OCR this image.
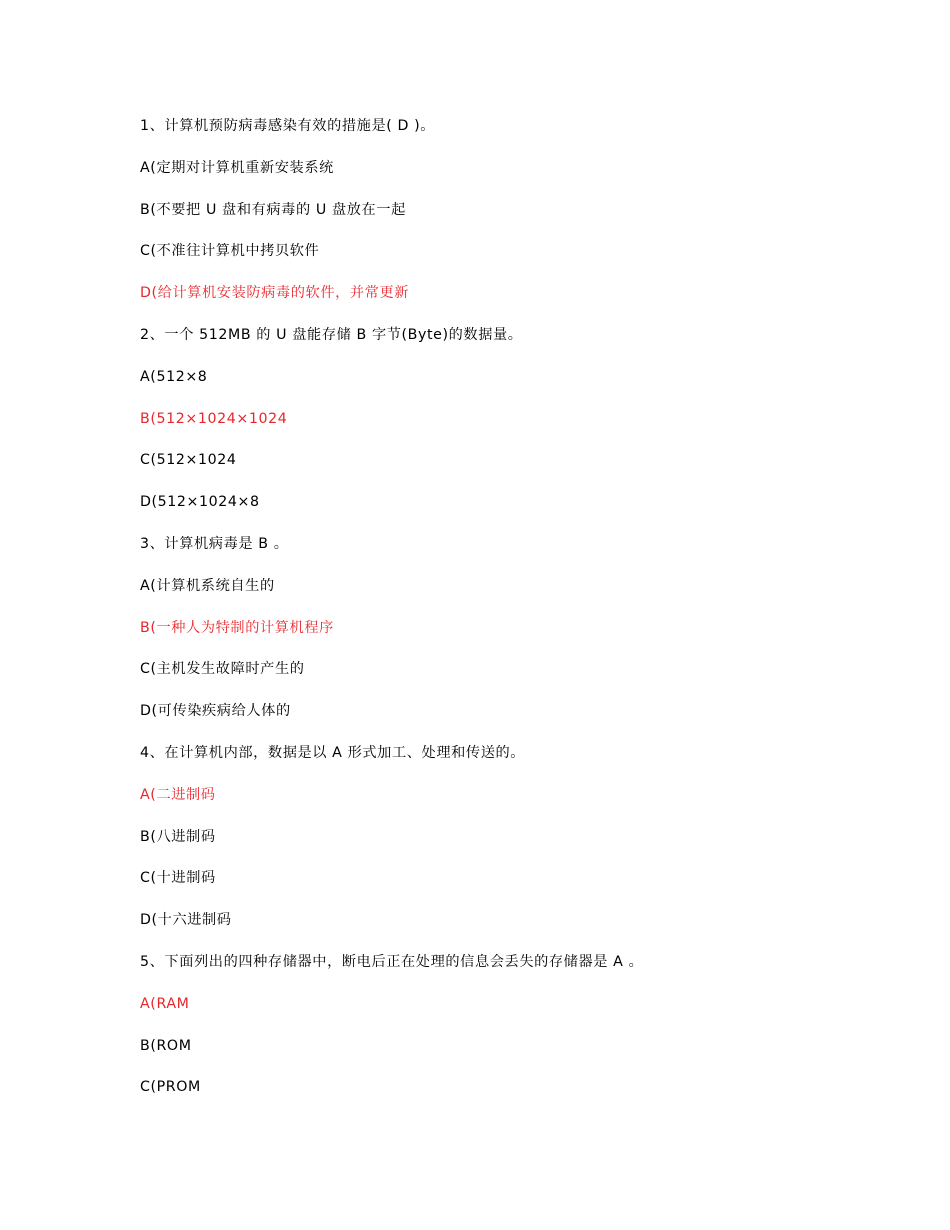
1、计算机预防病毒感染有效的措施是( D )。
A(定期对计算机重新安装系统
B(不要把 U 盘和有病毒的 U 盘放在一起
C(不准往计算机中拷贝软件
D(给计算机安装防病毒的软件，并常更新
2、一个 512MB 的 U 盘能存储 B 字节(Byte)的数据量。
A(512×8
B(512×1024×1024
C(512×1024
D(512×1024×8
3、计算机病毒是 B 。
A(计算机系统自生的
B(一种人为特制的计算机程序
C(主机发生故障时产生的
D(可传染疾病给人体的
4、在计算机内部，数据是以 A 形式加工、处理和传送的。
A(二进制码
B(八进制码
C(十进制码
D(十六进制码
5、下面列出的四种存储器中，断电后正在处理的信息会丢失的存储器是 A 。
A(RAM
B(ROM
C(PROM
